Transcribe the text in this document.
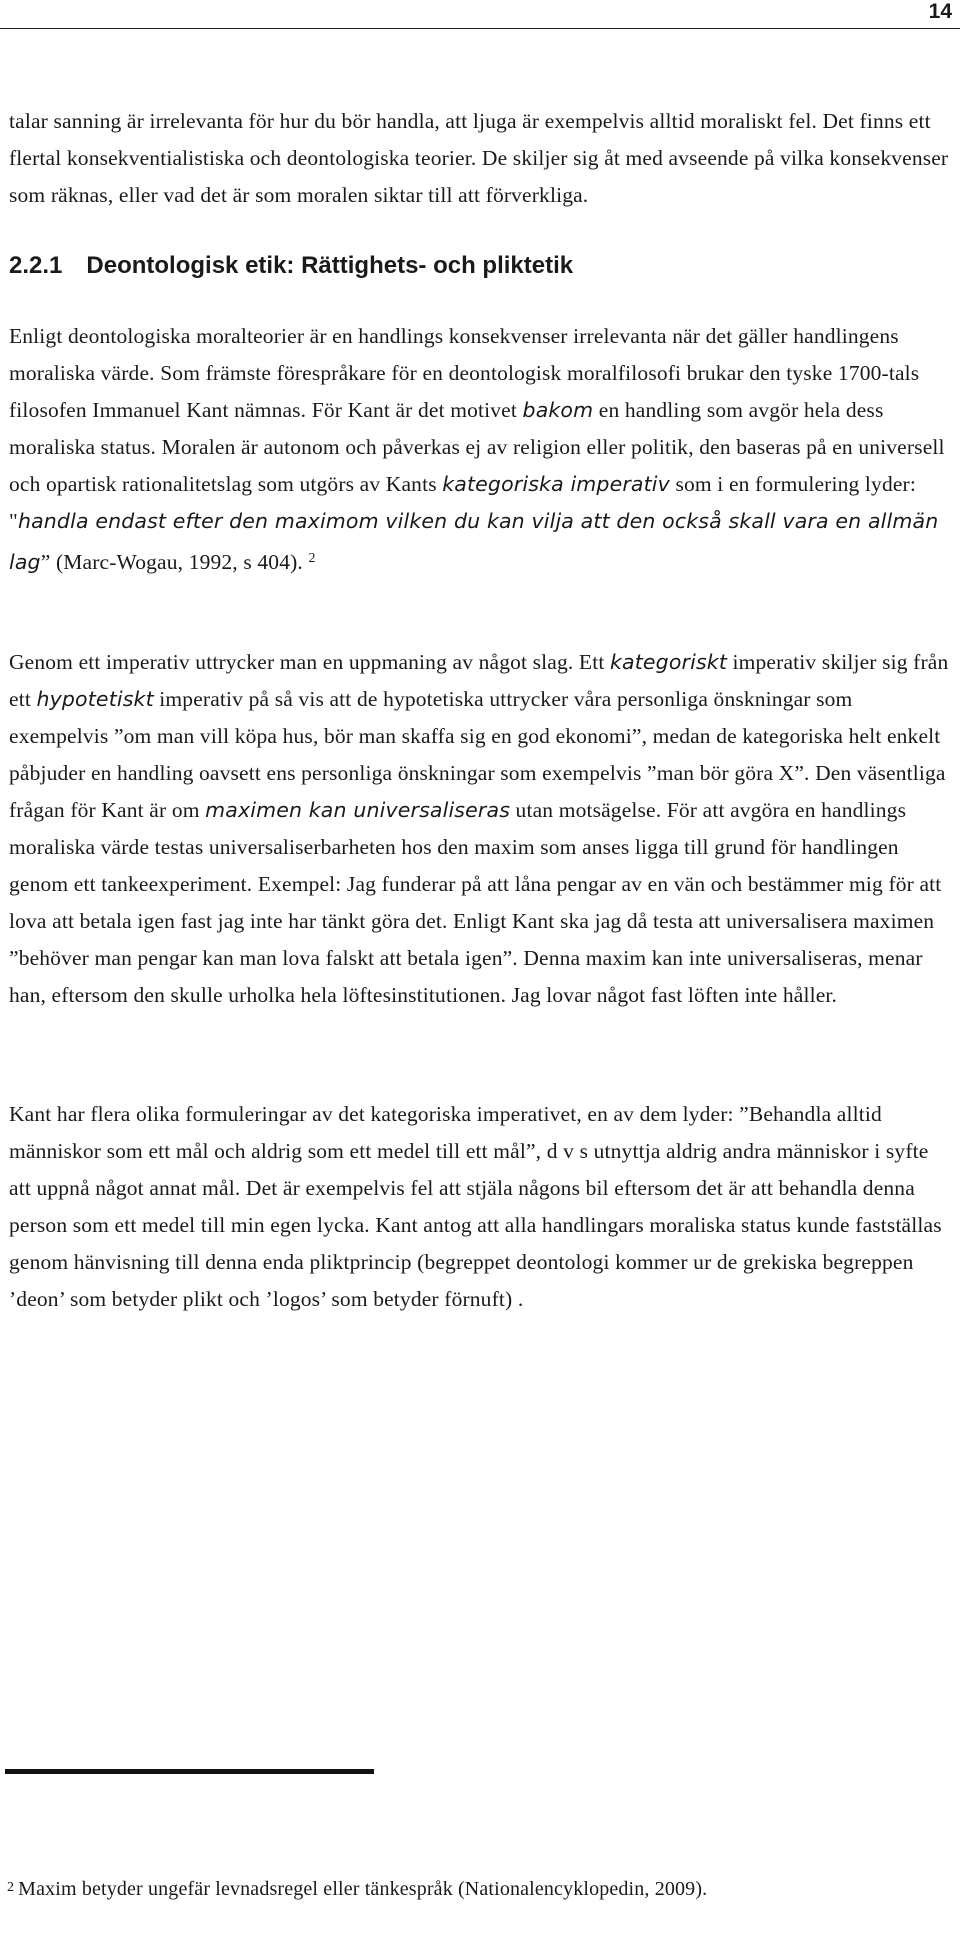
14

talar sanning är irrelevanta för hur du bör handla, att ljuga är exempelvis alltid moraliskt fel. Det finns ett flertal konsekventialistiska och deontologiska teorier. De skiljer sig åt med avseende på vilka konsekvenser som räknas, eller vad det är som moralen siktar till att förverkliga.

2.2.1 Deontologisk etik: Rättighets- och pliktetik

Enligt deontologiska moralteorier är en handlings konsekvenser irrelevanta när det gäller handlingens moraliska värde. Som främste förespråkare för en deontologisk moralfilosofi brukar den tyske 1700-tals filosofen Immanuel Kant nämnas. För Kant är det motivet bakom en handling som avgör hela dess moraliska status. Moralen är autonom och påverkas ej av religion eller politik, den baseras på en universell och opartisk rationalitetslag som utgörs av Kants kategoriska imperativ som i en formulering lyder: "handla endast efter den maximom vilken du kan vilja att den också skall vara en allmän lag” (Marc-Wogau, 1992, s 404). $^2$

Genom ett imperativ uttrycker man en uppmaning av något slag. Ett kategoriskt imperativ skiljer sig från ett hypotetiskt imperativ på så vis att de hypotetiska uttrycker våra personliga önskningar som exempelvis ”om man vill köpa hus, bör man skaffa sig en god ekonomi”, medan de kategoriska helt enkelt påbjuder en handling oavsett ens personliga önskningar som exempelvis ”man bör göra X”. Den väsentliga frågan för Kant är om maximen kan universaliseras utan motsägelse. För att avgöra en handlings moraliska värde testas universaliserbarheten hos den maxim som anses ligga till grund för handlingen genom ett tankeexperiment. Exempel: Jag funderar på att låna pengar av en vän och bestämmer mig för att lova att betala igen fast jag inte har tänkt göra det. Enligt Kant ska jag då testa att universalisera maximen ”behöver man pengar kan man lova falskt att betala igen”. Denna maxim kan inte universaliseras, menar han, eftersom den skulle urholka hela löftesinstitutionen. Jag lovar något fast löften inte håller.

Kant har flera olika formuleringar av det kategoriska imperativet, en av dem lyder: ”Behandla alltid människor som ett mål och aldrig som ett medel till ett mål”, d v s utnyttja aldrig andra människor i syfte att uppnå något annat mål. Det är exempelvis fel att stjäla någons bil eftersom det är att behandla denna person som ett medel till min egen lycka. Kant antog att alla handlingars moraliska status kunde fastställas genom hänvisning till denna enda pliktprincip (begreppet deontologi kommer ur de grekiska begreppen ’deon’ som betyder plikt och ’logos’ som betyder förnuft) .

$^2$ Maxim betyder ungefär levnadsregel eller tänkespråk (Nationalencyklopedin, 2009).
